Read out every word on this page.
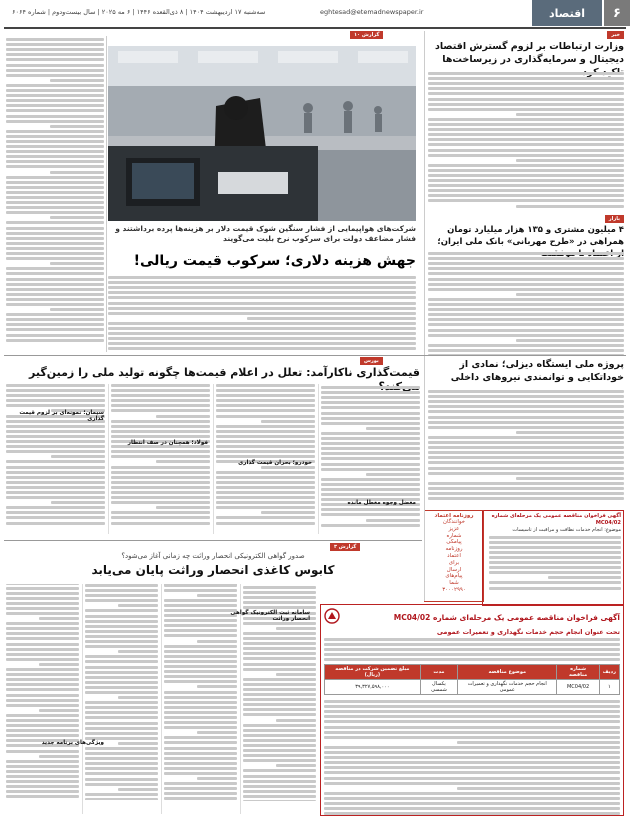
۶
اقتصاد
eghtesad@etemadnewspaper.ir
سه‌شنبه ۱۷ اردیبهشت ۱۴۰۴ | ۸ ذی‌القعده ۱۴۴۶ | ۶ مه ۲۰۲۵ | سال بیست‌ودوم | شماره ۶۰۶۴
خبر
وزارت ارتباطات بر لزوم گسترش اقتصاد دیجیتال و سرمایه‌گذاری در زیرساخت‌ها
بازار
۴ میلیون مشتری و ۱۳۵ هزار میلیارد تومان همراهی در «طرح مهربانی» بانک ملی ایران؛
پروژه ملی ایستگاه دیزلی؛ نمادی از خوداتکایی و توانمندی نیروهای داخلی
آگهی فراخوان مناقصه عمومی یک مرحله‌ای شماره MC04/02
موضوع: انجام خدمات نظافت و مراقبت از تاسیسات
روزنامه اعتماد
خوانندگان
عزیز
شماره
پیامکی
روزنامه
اعتماد
برای
ارسال
پیام‌های
شما
۳۰۰۰۲۹۹۰
گزارش ۱۰
شرکت‌های هواپیمایی از فشار سنگین شوک قیمت دلار بر هزینه‌ها پرده برداشتند و فشار مضاعف دولت برای سرکوب نرخ بلیت می‌گویند
جهش هزینه دلاری؛ سرکوب قیمت ریالی!
بورس
قیمت‌گذاری ناکارآمد: تعلل در اعلام قیمت‌ها چگونه تولید ملی را زمین‌گیر
سیمان؛ نمونه‌ای بر لزوم قیمت گذاری
فولاد؛ همچنان در صف انتظار
خودرو؛ بحران قیمت گذاری
معضل وجوه معطل مانده
گزارش ۳
صدور گواهی الکترونیکی انحصار وراثت چه زمانی آغاز می‌شود؟
کابوس کاغذی انحصار وراثت پایان می‌یابد
سامانه ثبت الکترونیک گواهی انحصار وراثت
ویژگی‌های برنامه جدید
آگهی فراخوان مناقصه عمومی یک مرحله‌ای شماره MC04/02
تحت عنوان انجام حجم خدمات نگهداری و تعمیرات عمومی
ردیف	شماره مناقصه	موضوع مناقصه	مدت	مبلغ تضمین شرکت در مناقصه (ریال)
۱	MC04/02	انجام حجم خدمات نگهداری و تعمیرات عمومی	یکسال شمسی	۳۹,۳۲۷,۵۹۸,۰۰۰
